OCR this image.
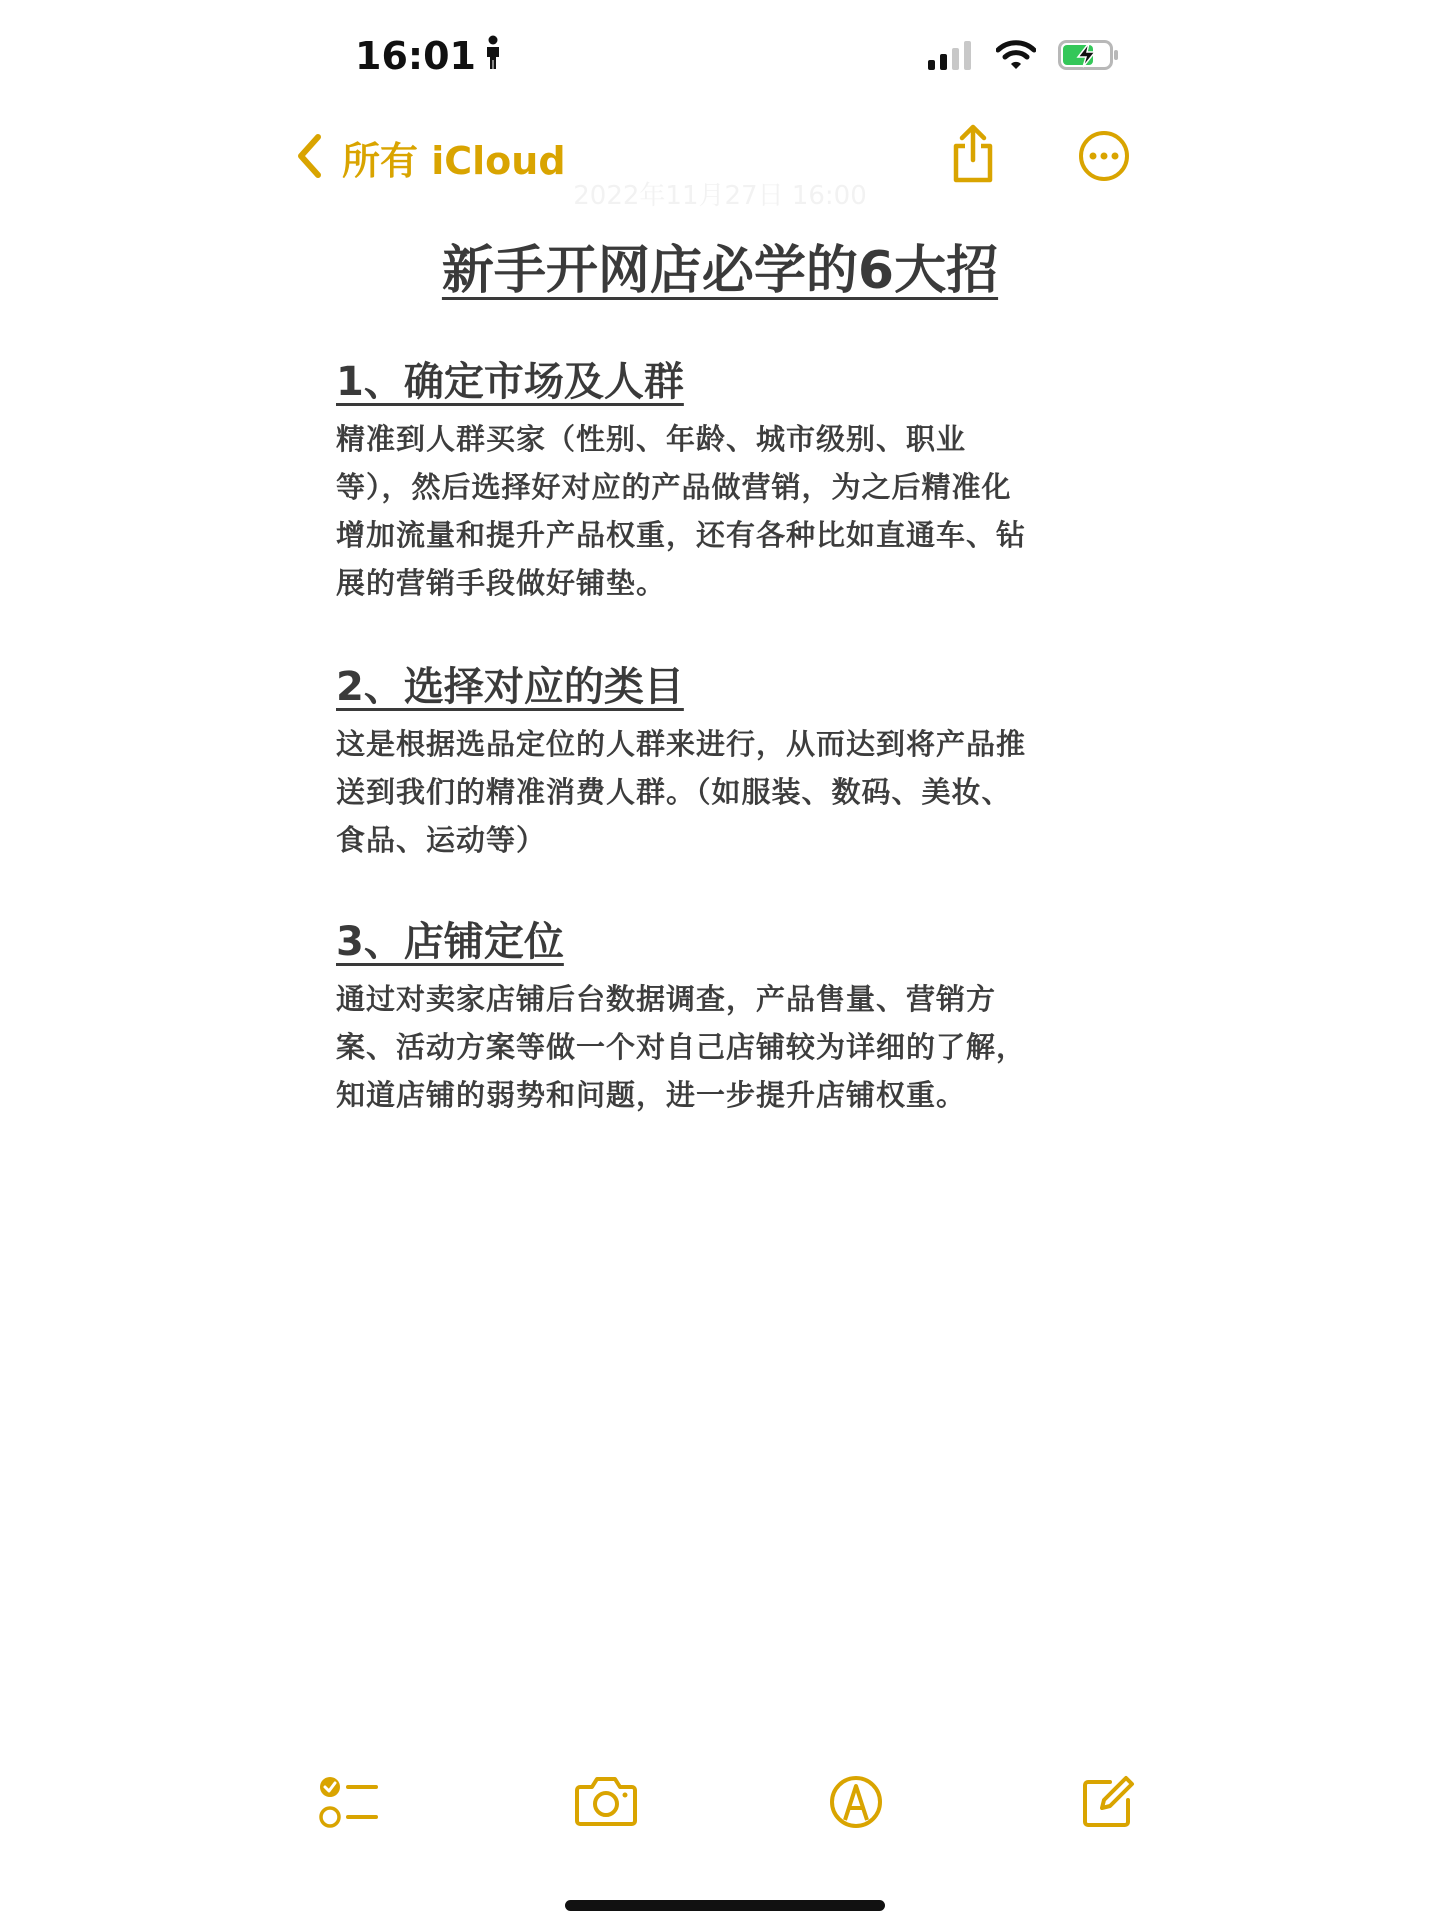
16:01
所有 iCloud
2022年11月27日 16:00
新手开网店必学的6大招
1、确定市场及人群
精准到人群买家（性别、年龄、城市级别、职业
等），然后选择好对应的产品做营销，为之后精准化
增加流量和提升产品权重，还有各种比如直通车、钻
展的营销手段做好铺垫。
2、选择对应的类目
这是根据选品定位的人群来进行，从而达到将产品推
送到我们的精准消费人群。（如服装、数码、美妆、
食品、运动等）
3、店铺定位
通过对卖家店铺后台数据调查，产品售量、营销方
案、活动方案等做一个对自己店铺较为详细的了解，
知道店铺的弱势和问题，进一步提升店铺权重。
